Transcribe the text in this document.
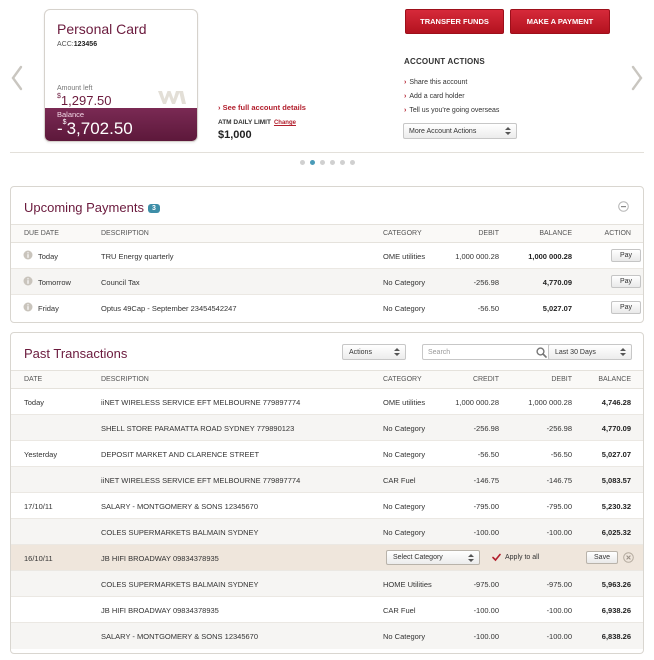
Personal Card
ACC:123456
Amount left
$1,297.50
Balance
-$3,702.50
› See full account details
ATM DAILY LIMIT Change
$1,000
TRANSFER FUNDS	MAKE A PAYMENT
ACCOUNT ACTIONS
› Share this account
› Add a card holder
› Tell us you're going overseas
More Account Actions
Upcoming Payments 3
DUE DATE	DESCRIPTION	CATEGORY	DEBIT	BALANCE	ACTION
Today	TRU Energy quarterly	OME utilities	1,000 000.28	1,000 000.28	Pay
Tomorrow	Council Tax	No Category	-256.98	4,770.09	Pay
Friday	Optus 49Cap - September 23454542247	No Category	-56.50	5,027.07	Pay
Past Transactions	Actions	Search	Last 30 Days
DATE	DESCRIPTION	CATEGORY	CREDIT	DEBIT	BALANCE
Today	iiNET WIRELESS SERVICE EFT MELBOURNE 779897774	OME utilities	1,000 000.28	1,000 000.28	4,746.28
SHELL STORE PARAMATTA ROAD SYDNEY 779890123	No Category	-256.98	-256.98	4,770.09
Yesterday	DEPOSIT MARKET AND CLARENCE STREET	No Category	-56.50	-56.50	5,027.07
iiNET WIRELESS SERVICE EFT MELBOURNE 779897774	CAR Fuel	-146.75	-146.75	5,083.57
17/10/11	SALARY - MONTGOMERY & SONS 12345670	No Category	-795.00	-795.00	5,230.32
COLES SUPERMARKETS BALMAIN SYDNEY	No Category	-100.00	-100.00	6,025.32
16/10/11	JB HIFI BROADWAY 09834378935	Select Category	Apply to all	Save
COLES SUPERMARKETS BALMAIN SYDNEY	HOME Utilities	-975.00	-975.00	5,963.26
JB HIFI BROADWAY 09834378935	CAR Fuel	-100.00	-100.00	6,938.26
SALARY - MONTGOMERY & SONS 12345670	No Category	-100.00	-100.00	6,838.26
